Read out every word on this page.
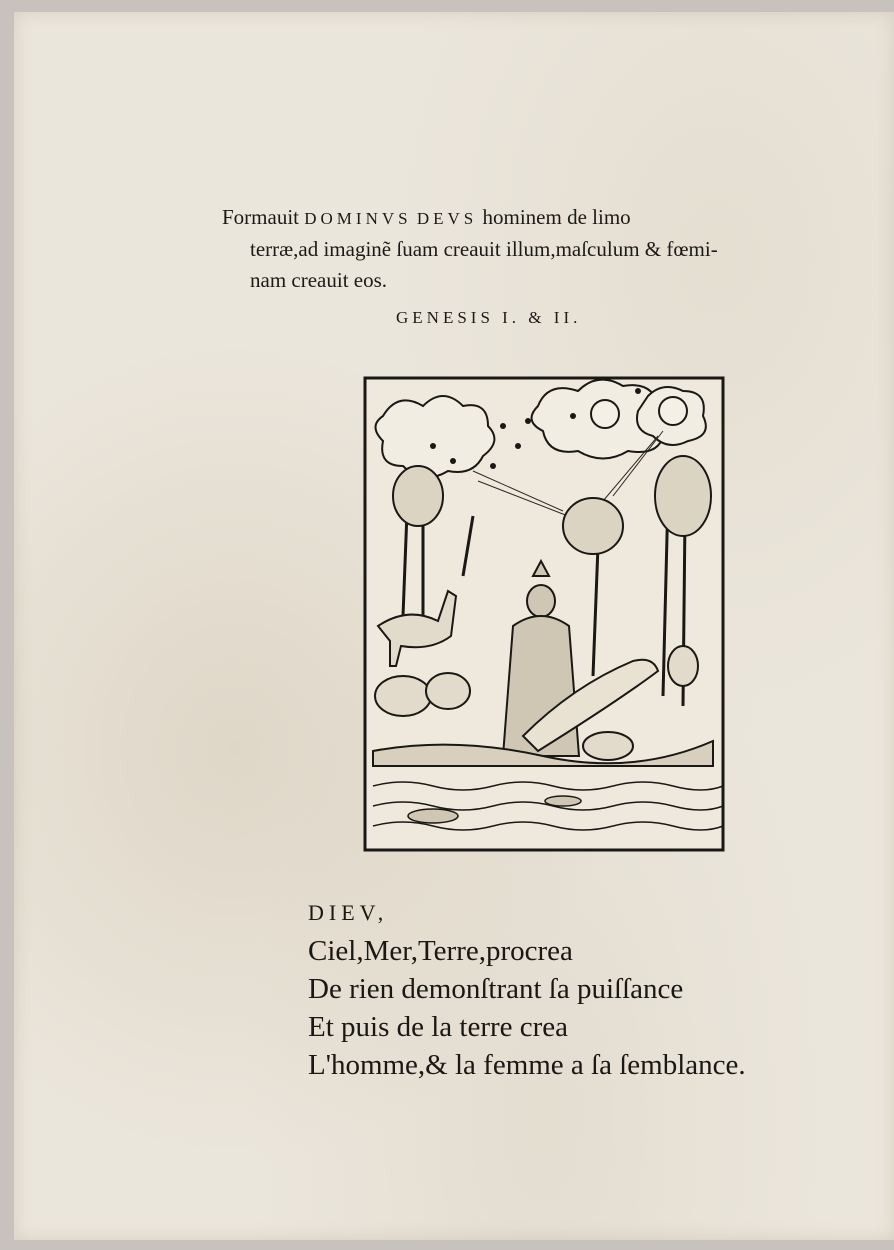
Formauit DOMINVS DEVS hominem de limo
terræ,ad imaginẽ ſuam creauit illum,maſculum & fœmi-
nam creauit eos.
GENESIS I. & II.
DIEV,
Ciel,Mer,Terre,procrea
De rien demonſtrant ſa puiſſance
Et puis de la terre crea
L'homme,& la femme a ſa ſemblance.
